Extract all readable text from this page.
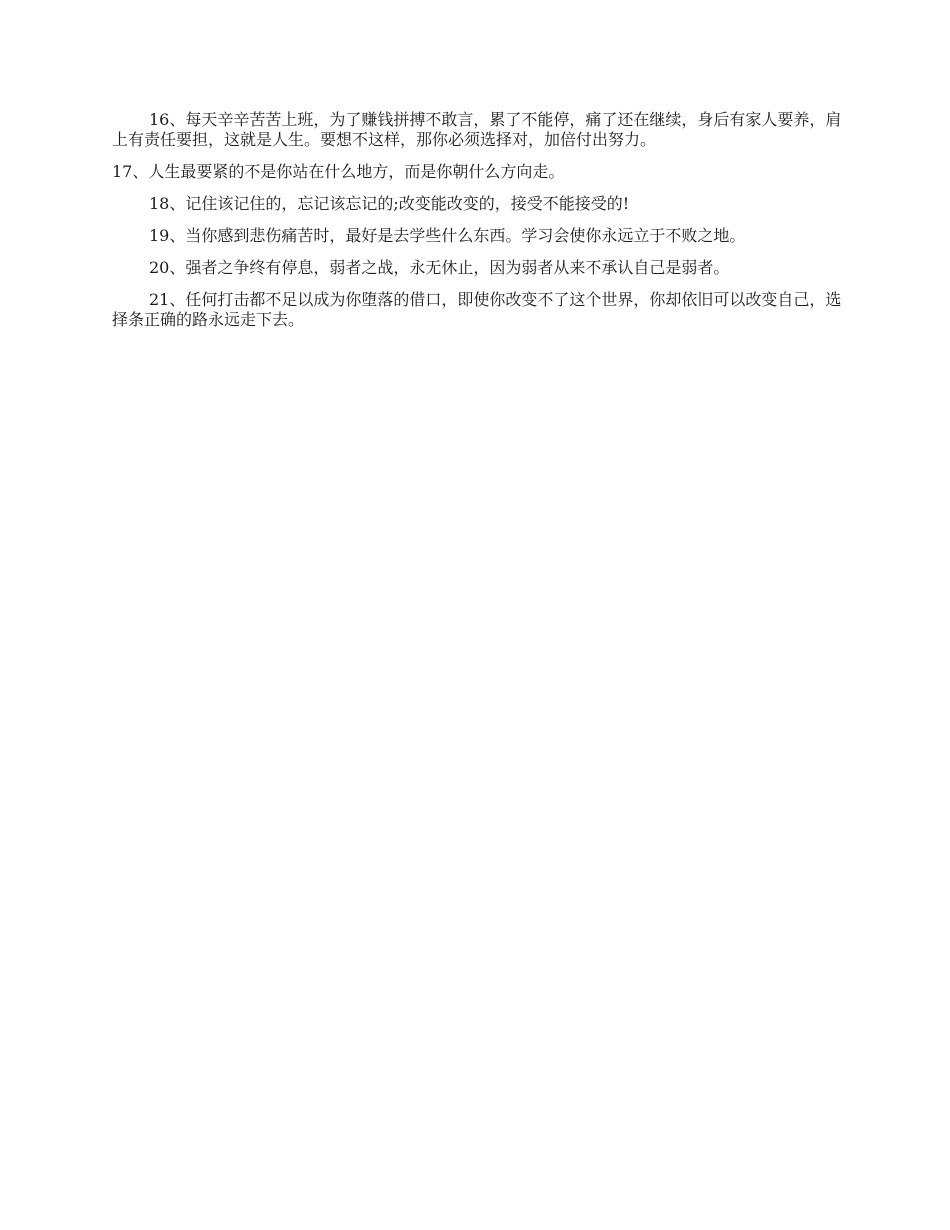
16、每天辛辛苦苦上班，为了赚钱拼搏不敢言，累了不能停，痛了还在继续，身后有家人要养，肩上有责任要担，这就是人生。要想不这样，那你必须选择对，加倍付出努力。

17、人生最要紧的不是你站在什么地方，而是你朝什么方向走。

18、记住该记住的，忘记该忘记的;改变能改变的，接受不能接受的!

19、当你感到悲伤痛苦时，最好是去学些什么东西。学习会使你永远立于不败之地。

20、强者之争终有停息，弱者之战，永无休止，因为弱者从来不承认自己是弱者。

21、任何打击都不足以成为你堕落的借口，即使你改变不了这个世界，你却依旧可以改变自己，选择条正确的路永远走下去。
